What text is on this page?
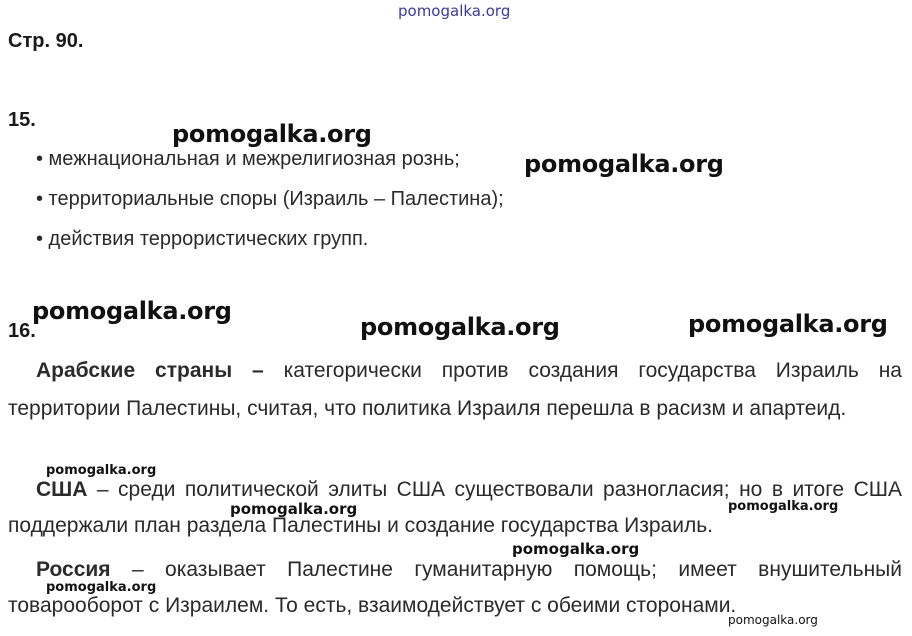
pomogalka.org
Стр. 90.
15.
• межнациональная и межрелигиозная рознь;
• территориальные споры (Израиль – Палестина);
• действия террористических групп.
16.

Арабские страны – категорически против создания государства Израиль на территории Палестины, считая, что политика Израиля перешла в расизм и апартеид.

США – среди политической элиты США существовали разногласия; но в итоге США поддержали план раздела Палестины и создание государства Израиль.

Россия – оказывает Палестине гуманитарную помощь; имеет внушительный товарооборот с Израилем. То есть, взаимодействует с обеими сторонами.

pomogalka.org
pomogalka.org
pomogalka.org
pomogalka.org	pomogalka.org
pomogalka.org
pomogalka.org	pomogalka.org
pomogalka.org
pomogalka.org
pomogalka.org
